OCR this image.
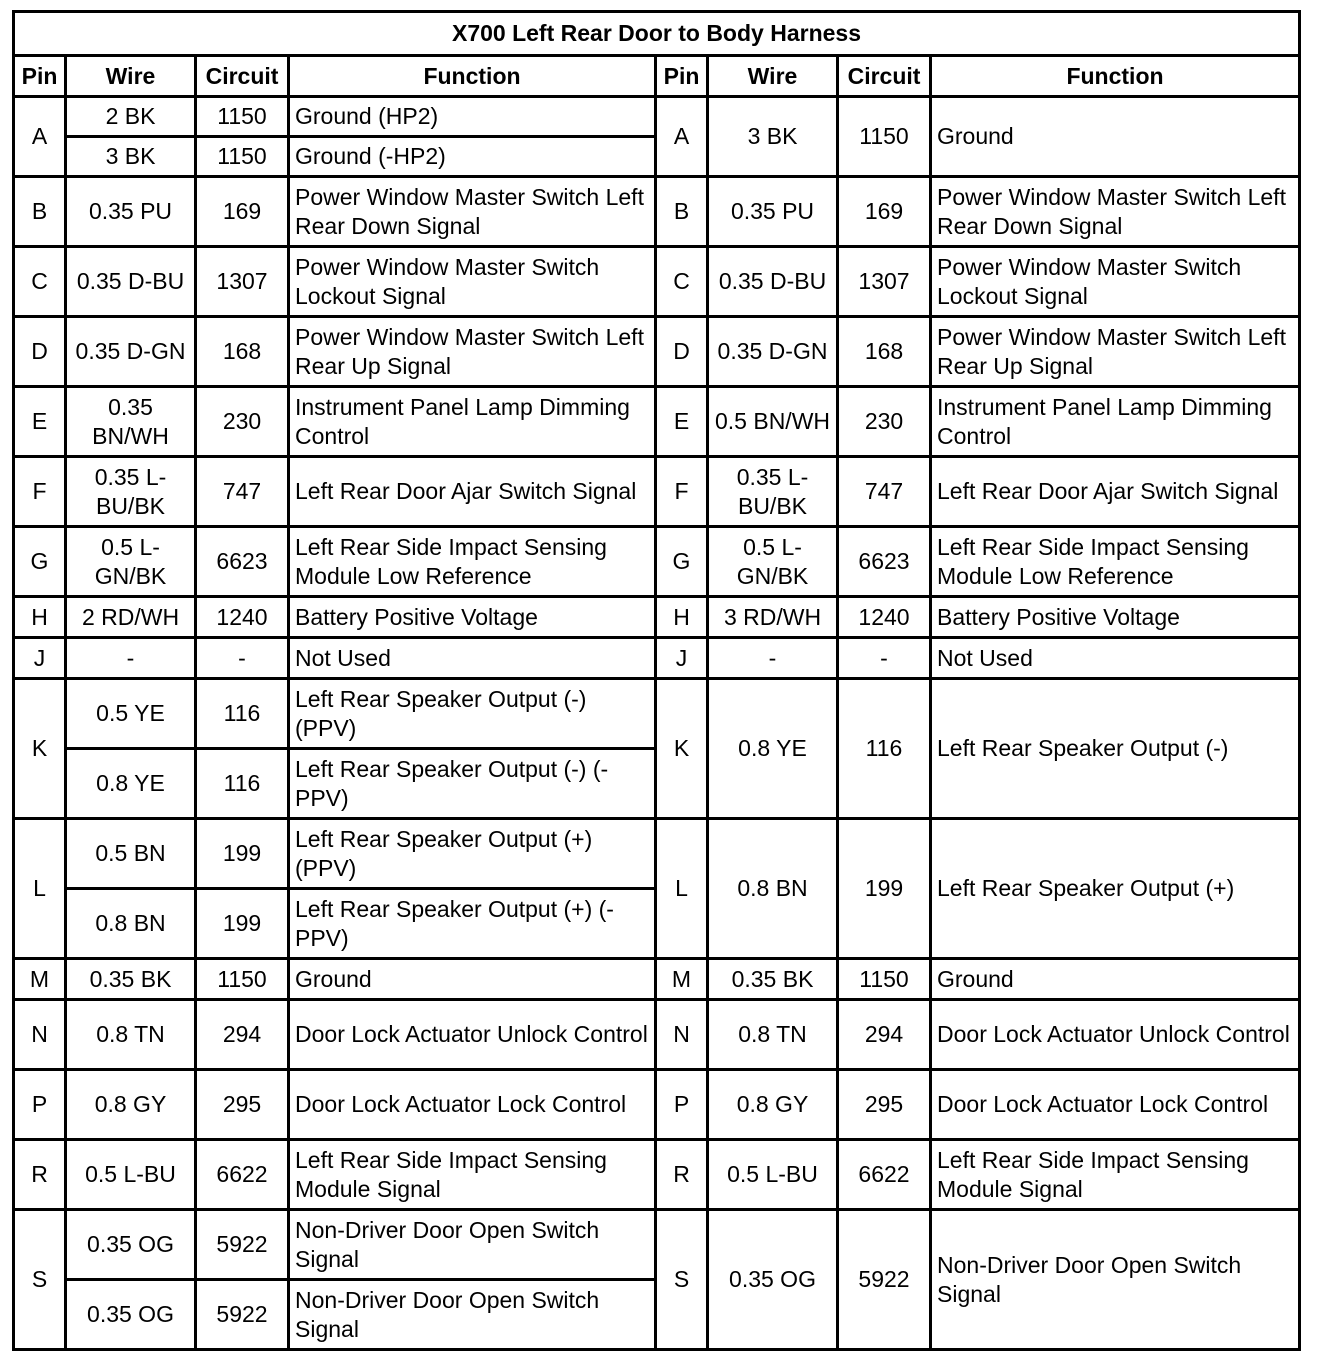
X700 Left Rear Door to Body Harness							
Pin	Wire	Circuit	Function	Pin	Wire	Circuit	Function
A	2 BK	1150	Ground (HP2)	A	3 BK	1150	Ground
	3 BK	1150	Ground (-HP2)				
B	0.35 PU	169	Power Window Master Switch Left Rear Down Signal	B	0.35 PU	169	Power Window Master Switch Left Rear Down Signal
C	0.35 D-BU	1307	Power Window Master Switch Lockout Signal	C	0.35 D-BU	1307	Power Window Master Switch Lockout Signal
D	0.35 D-GN	168	Power Window Master Switch Left Rear Up Signal	D	0.35 D-GN	168	Power Window Master Switch Left Rear Up Signal
E	0.35 BN/WH	230	Instrument Panel Lamp Dimming Control	E	0.5 BN/WH	230	Instrument Panel Lamp Dimming Control
F	0.35 L-BU/BK	747	Left Rear Door Ajar Switch Signal	F	0.35 L-BU/BK	747	Left Rear Door Ajar Switch Signal
G	0.5 L-GN/BK	6623	Left Rear Side Impact Sensing Module Low Reference	G	0.5 L-GN/BK	6623	Left Rear Side Impact Sensing Module Low Reference
H	2 RD/WH	1240	Battery Positive Voltage	H	3 RD/WH	1240	Battery Positive Voltage
J	-	-	Not Used	J	-	-	Not Used
K	0.5 YE	116	Left Rear Speaker Output (-) (PPV)	K	0.8 YE	116	Left Rear Speaker Output (-)
	0.8 YE	116	Left Rear Speaker Output (-) (-PPV)				
L	0.5 BN	199	Left Rear Speaker Output (+) (PPV)	L	0.8 BN	199	Left Rear Speaker Output (+)
	0.8 BN	199	Left Rear Speaker Output (+) (-PPV)				
M	0.35 BK	1150	Ground	M	0.35 BK	1150	Ground
N	0.8 TN	294	Door Lock Actuator Unlock Control	N	0.8 TN	294	Door Lock Actuator Unlock Control
P	0.8 GY	295	Door Lock Actuator Lock Control	P	0.8 GY	295	Door Lock Actuator Lock Control
R	0.5 L-BU	6622	Left Rear Side Impact Sensing Module Signal	R	0.5 L-BU	6622	Left Rear Side Impact Sensing Module Signal
S	0.35 OG	5922	Non-Driver Door Open Switch Signal	S	0.35 OG	5922	Non-Driver Door Open Switch Signal
	0.35 OG	5922	Non-Driver Door Open Switch Signal				
